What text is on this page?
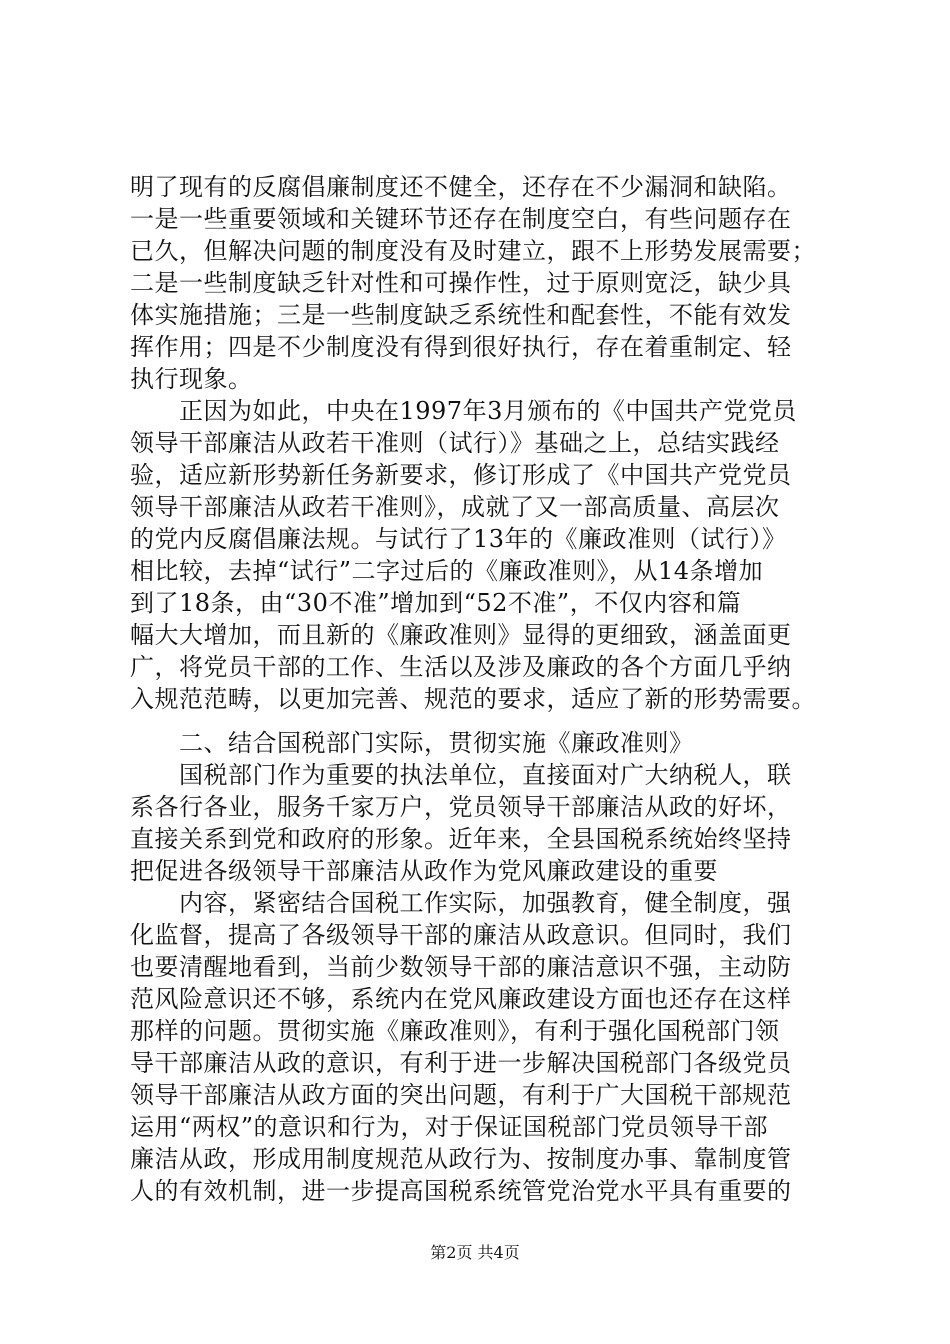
明了现有的反腐倡廉制度还不健全，还存在不少漏洞和缺陷。
一是一些重要领域和关键环节还存在制度空白，有些问题存在
已久，但解决问题的制度没有及时建立，跟不上形势发展需要；
二是一些制度缺乏针对性和可操作性，过于原则宽泛，缺少具
体实施措施；三是一些制度缺乏系统性和配套性，不能有效发
挥作用；四是不少制度没有得到很好执行，存在着重制定、轻
执行现象。
　　正因为如此，中央在1997年3月颁布的《中国共产党党员
领导干部廉洁从政若干准则（试行）》基础之上，总结实践经
验，适应新形势新任务新要求，修订形成了《中国共产党党员
领导干部廉洁从政若干准则》，成就了又一部高质量、高层次
的党内反腐倡廉法规。与试行了13年的《廉政准则（试行）》
相比较，去掉“试行”二字过后的《廉政准则》，从14条增加
到了18条，由“30不准”增加到“52不准”，不仅内容和篇
幅大大增加，而且新的《廉政准则》显得的更细致，涵盖面更
广，将党员干部的工作、生活以及涉及廉政的各个方面几乎纳
入规范范畴，以更加完善、规范的要求，适应了新的形势需要。
　　二、结合国税部门实际，贯彻实施《廉政准则》
　　国税部门作为重要的执法单位，直接面对广大纳税人，联
系各行各业，服务千家万户，党员领导干部廉洁从政的好坏，
直接关系到党和政府的形象。近年来，全县国税系统始终坚持
把促进各级领导干部廉洁从政作为党风廉政建设的重要
　　内容，紧密结合国税工作实际，加强教育，健全制度，强
化监督，提高了各级领导干部的廉洁从政意识。但同时，我们
也要清醒地看到，当前少数领导干部的廉洁意识不强，主动防
范风险意识还不够，系统内在党风廉政建设方面也还存在这样
那样的问题。贯彻实施《廉政准则》，有利于强化国税部门领
导干部廉洁从政的意识，有利于进一步解决国税部门各级党员
领导干部廉洁从政方面的突出问题，有利于广大国税干部规范
运用“两权”的意识和行为，对于保证国税部门党员领导干部
廉洁从政，形成用制度规范从政行为、按制度办事、靠制度管
人的有效机制，进一步提高国税系统管党治党水平具有重要的
第2页 共4页
